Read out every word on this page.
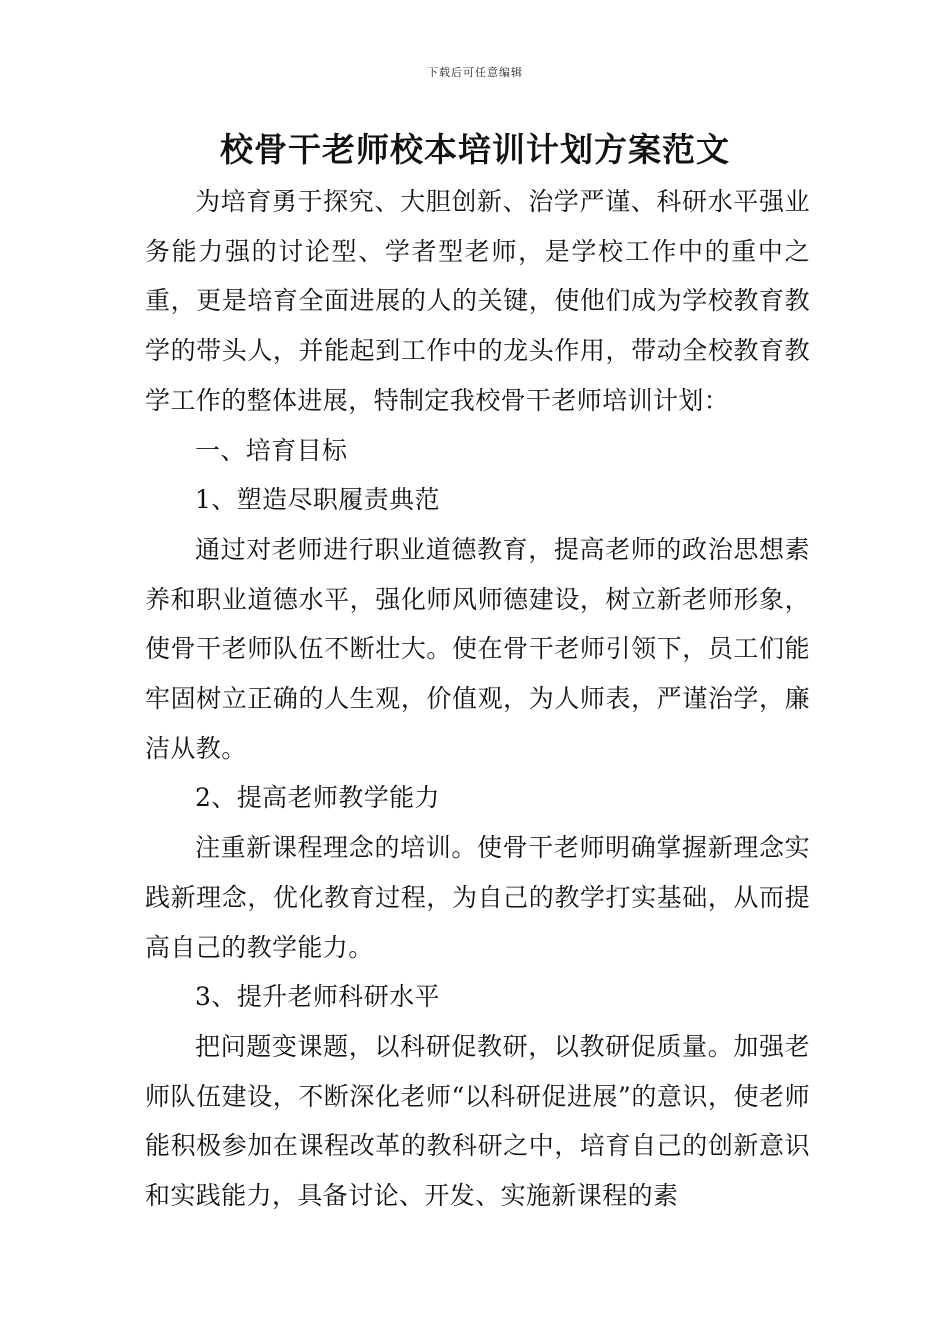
下载后可任意编辑
校骨干老师校本培训计划方案范文

为培育勇于探究、大胆创新、治学严谨、科研水平强业务能力强的讨论型、学者型老师，是学校工作中的重中之重，更是培育全面进展的人的关键，使他们成为学校教育教学的带头人，并能起到工作中的龙头作用，带动全校教育教学工作的整体进展，特制定我校骨干老师培训计划：

一、培育目标

1、塑造尽职履责典范

通过对老师进行职业道德教育，提高老师的政治思想素养和职业道德水平，强化师风师德建设，树立新老师形象，使骨干老师队伍不断壮大。使在骨干老师引领下，员工们能牢固树立正确的人生观，价值观，为人师表，严谨治学，廉洁从教。

2、提高老师教学能力

注重新课程理念的培训。使骨干老师明确掌握新理念实践新理念，优化教育过程，为自己的教学打实基础，从而提高自己的教学能力。

3、提升老师科研水平

把问题变课题，以科研促教研，以教研促质量。加强老师队伍建设，不断深化老师“以科研促进展”的意识，使老师能积极参加在课程改革的教科研之中，培育自己的创新意识和实践能力，具备讨论、开发、实施新课程的素
